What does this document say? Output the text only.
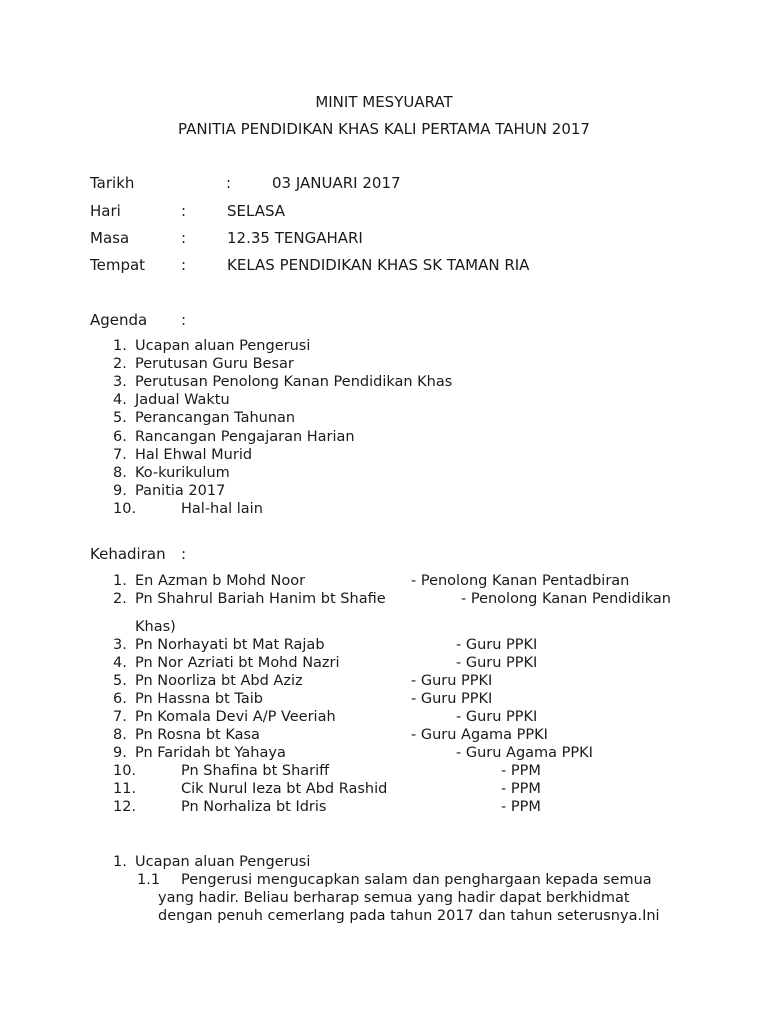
MINIT MESYUARAT
PANITIA PENDIDIKAN KHAS KALI PERTAMA TAHUN 2017
Tarikh	:	03 JANUARI 2017
Hari	:	SELASA
Masa	:	12.35 TENGAHARI
Tempat :	KELAS PENDIDIKAN KHAS SK TAMAN RIA
Agenda :
1. Ucapan aluan Pengerusi
2. Perutusan Guru Besar
3. Perutusan Penolong Kanan Pendidikan Khas
4. Jadual Waktu
5. Perancangan Tahunan
6. Rancangan Pengajaran Harian
7. Hal Ehwal Murid
8. Ko-kurikulum
9. Panitia 2017
10.	Hal-hal lain
Kehadiran :
1. En Azman b Mohd Noor	- Penolong Kanan Pentadbiran
2. Pn Shahrul Bariah Hanim bt Shafie	- Penolong Kanan Pendidikan
Khas)
3. Pn Norhayati bt Mat Rajab	- Guru PPKI
4. Pn Nor Azriati bt Mohd Nazri	- Guru PPKI
5. Pn Noorliza bt Abd Aziz	- Guru PPKI
6. Pn Hassna bt Taib	- Guru PPKI
7. Pn Komala Devi A/P Veeriah	- Guru PPKI
8. Pn Rosna bt Kasa	- Guru Agama PPKI
9. Pn Faridah bt Yahaya	- Guru Agama PPKI
10.	Pn Shafina bt Shariff	- PPM
11.	Cik Nurul Ieza bt Abd Rashid	- PPM
12.	Pn Norhaliza bt Idris	- PPM
1. Ucapan aluan Pengerusi
1.1 Pengerusi mengucapkan salam dan penghargaan kepada semua
yang hadir. Beliau berharap semua yang hadir dapat berkhidmat
dengan penuh cemerlang pada tahun 2017 dan tahun seterusnya.Ini
